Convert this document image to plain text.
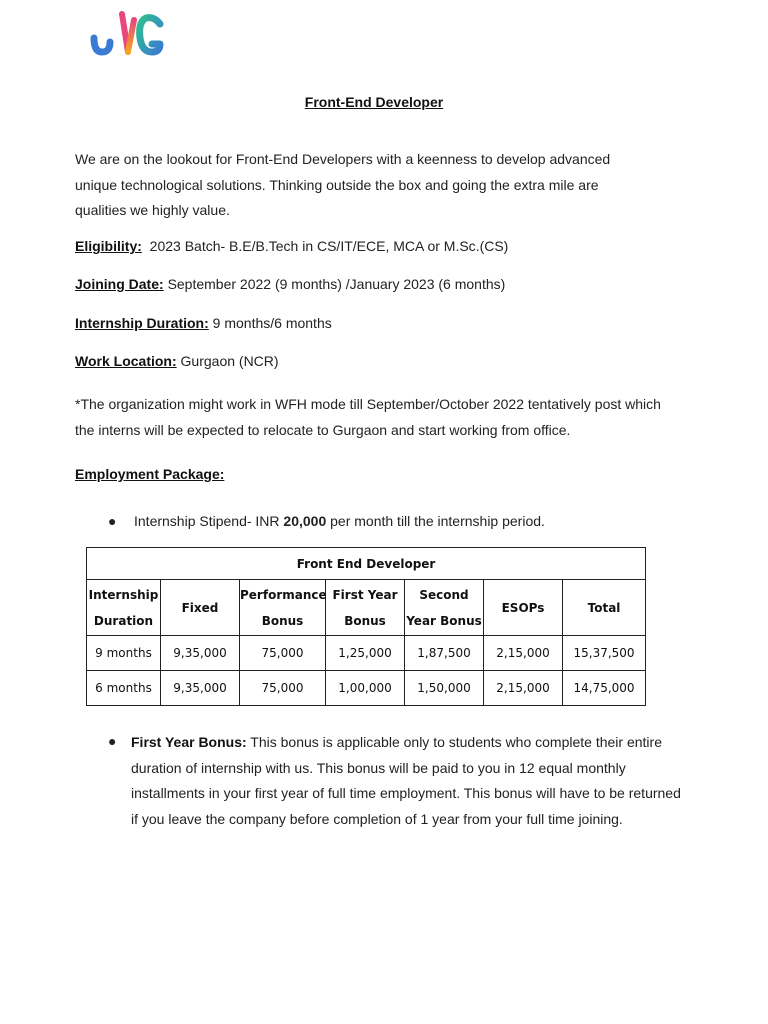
Front-End Developer
We are on the lookout for Front-End Developers with a keenness to develop advanced unique technological solutions. Thinking outside the box and going the extra mile are qualities we highly value.
Eligibility: 2023 Batch- B.E/B.Tech in CS/IT/ECE, MCA or M.Sc.(CS)
Joining Date: September 2022 (9 months) /January 2023 (6 months)
Internship Duration: 9 months/6 months
Work Location: Gurgaon (NCR)
*The organization might work in WFH mode till September/October 2022 tentatively post which the interns will be expected to relocate to Gurgaon and start working from office.
Employment Package:
● Internship Stipend- INR 20,000 per month till the internship period.
Front End Developer						
Internship Duration	Fixed	Performance Bonus	First Year Bonus	Second Year Bonus	ESOPs	Total
9 months	9,35,000	75,000	1,25,000	1,87,500	2,15,000	15,37,500
6 months	9,35,000	75,000	1,00,000	1,50,000	2,15,000	14,75,000
● First Year Bonus: This bonus is applicable only to students who complete their entire duration of internship with us. This bonus will be paid to you in 12 equal monthly installments in your first year of full time employment. This bonus will have to be returned if you leave the company before completion of 1 year from your full time joining.
